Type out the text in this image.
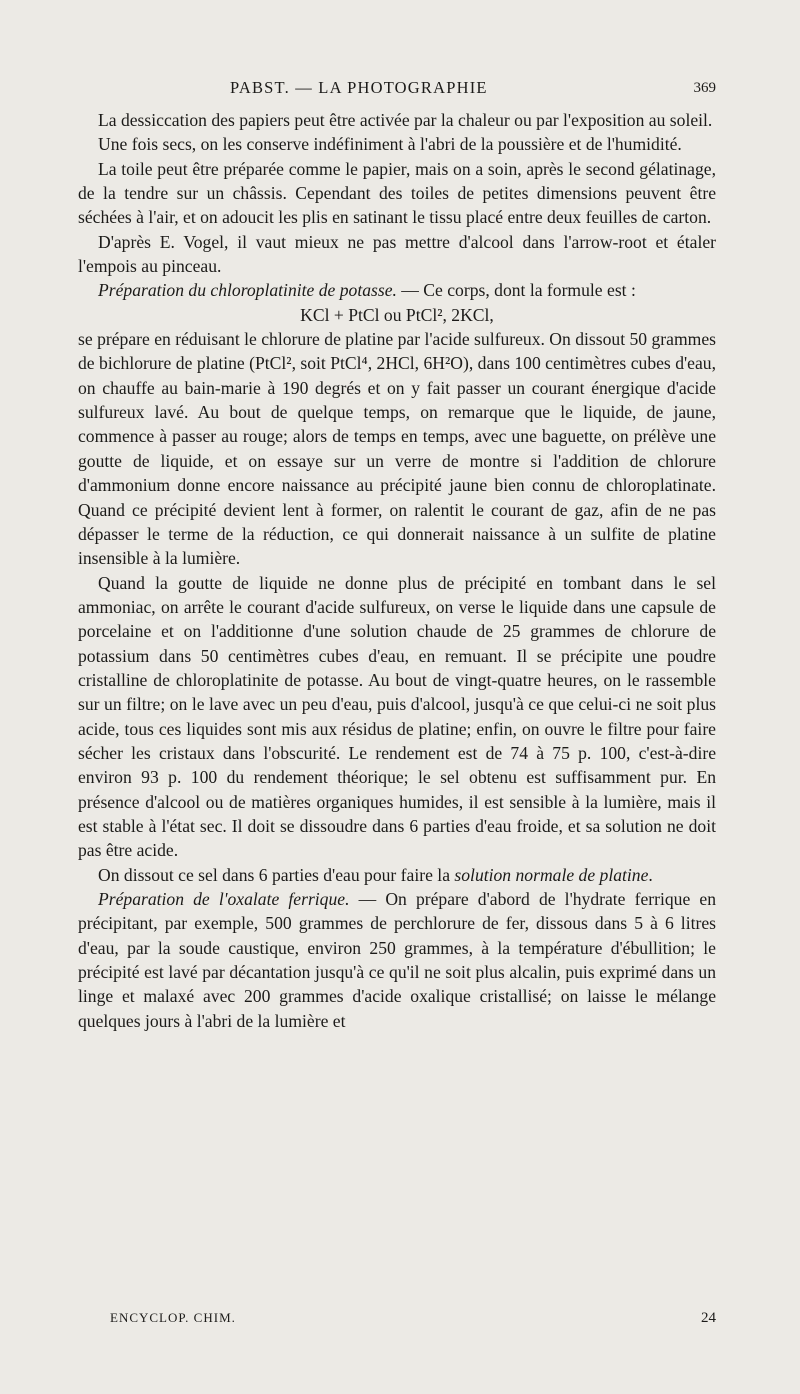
PABST. — LA PHOTOGRAPHIE	369

La dessiccation des papiers peut être activée par la chaleur ou par l'exposition au soleil.

Une fois secs, on les conserve indéfiniment à l'abri de la poussière et de l'humidité.

La toile peut être préparée comme le papier, mais on a soin, après le second gélatinage, de la tendre sur un châssis. Cependant des toiles de petites dimensions peuvent être séchées à l'air, et on adoucit les plis en satinant le tissu placé entre deux feuilles de carton.

D'après E. Vogel, il vaut mieux ne pas mettre d'alcool dans l'arrow-root et étaler l'empois au pinceau.

Préparation du chloroplatinite de potasse. — Ce corps, dont la formule est :

KCl + PtCl ou PtCl², 2KCl,

se prépare en réduisant le chlorure de platine par l'acide sulfureux. On dissout 50 grammes de bichlorure de platine (PtCl², soit PtCl⁴, 2HCl, 6H²O), dans 100 centimètres cubes d'eau, on chauffe au bain-marie à 190 degrés et on y fait passer un courant énergique d'acide sulfureux lavé. Au bout de quelque temps, on remarque que le liquide, de jaune, commence à passer au rouge; alors de temps en temps, avec une baguette, on prélève une goutte de liquide, et on essaye sur un verre de montre si l'addition de chlorure d'ammonium donne encore naissance au précipité jaune bien connu de chloroplatinate. Quand ce précipité devient lent à former, on ralentit le courant de gaz, afin de ne pas dépasser le terme de la réduction, ce qui donnerait naissance à un sulfite de platine insensible à la lumière.

Quand la goutte de liquide ne donne plus de précipité en tombant dans le sel ammoniac, on arrête le courant d'acide sulfureux, on verse le liquide dans une capsule de porcelaine et on l'additionne d'une solution chaude de 25 grammes de chlorure de potassium dans 50 centimètres cubes d'eau, en remuant. Il se précipite une poudre cristalline de chloroplatinite de potasse. Au bout de vingt-quatre heures, on le rassemble sur un filtre; on le lave avec un peu d'eau, puis d'alcool, jusqu'à ce que celui-ci ne soit plus acide, tous ces liquides sont mis aux résidus de platine; enfin, on ouvre le filtre pour faire sécher les cristaux dans l'obscurité. Le rendement est de 74 à 75 p. 100, c'est-à-dire environ 93 p. 100 du rendement théorique; le sel obtenu est suffisamment pur. En présence d'alcool ou de matières organiques humides, il est sensible à la lumière, mais il est stable à l'état sec. Il doit se dissoudre dans 6 parties d'eau froide, et sa solution ne doit pas être acide.

On dissout ce sel dans 6 parties d'eau pour faire la solution normale de platine.

Préparation de l'oxalate ferrique. — On prépare d'abord de l'hydrate ferrique en précipitant, par exemple, 500 grammes de perchlorure de fer, dissous dans 5 à 6 litres d'eau, par la soude caustique, environ 250 grammes, à la température d'ébullition; le précipité est lavé par décantation jusqu'à ce qu'il ne soit plus alcalin, puis exprimé dans un linge et malaxé avec 200 grammes d'acide oxalique cristallisé; on laisse le mélange quelques jours à l'abri de la lumière et

ENCYCLOP. CHIM.	24
